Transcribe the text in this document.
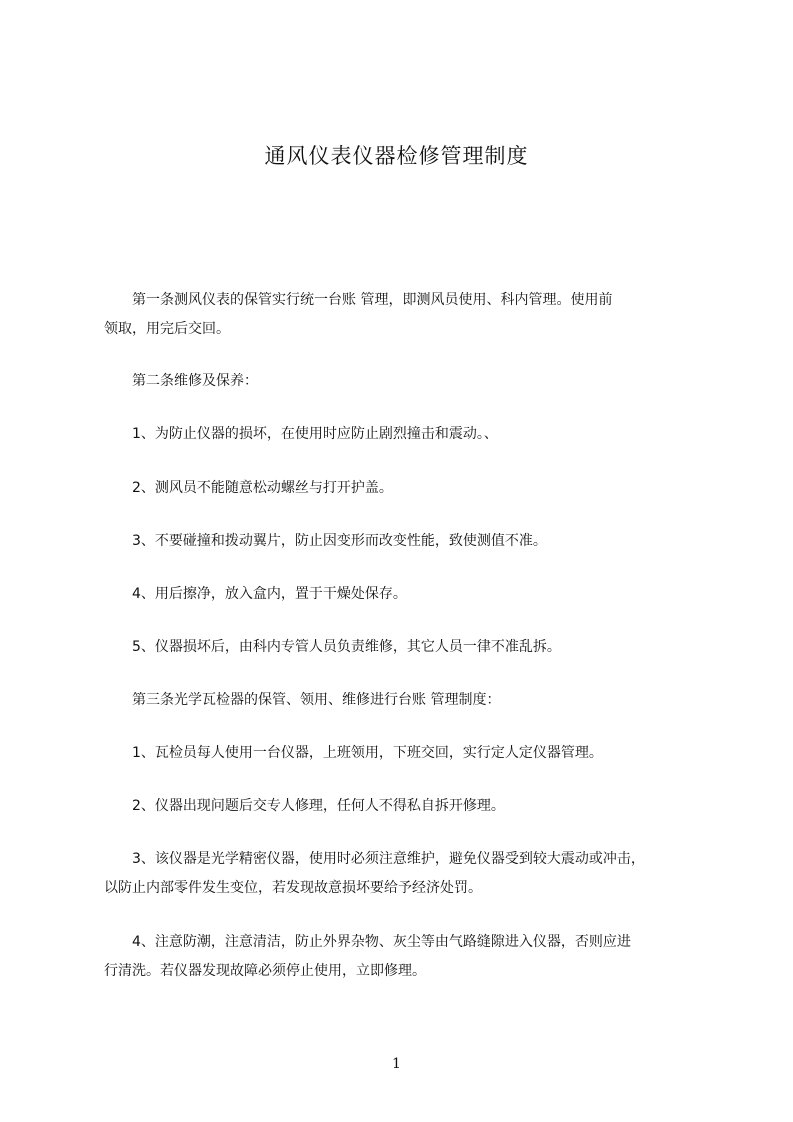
通风仪表仪器检修管理制度
　　第一条测风仪表的保管实行统一台账 管理，即测风员使用、科内管理。使用前
领取，用完后交回。
　　第二条维修及保养：
　　1、为防止仪器的损坏，在使用时应防止剧烈撞击和震动。、
　　2、测风员不能随意松动螺丝与打开护盖。
　　3、不要碰撞和拨动翼片，防止因变形而改变性能，致使测值不准。
　　4、用后擦净，放入盒内，置于干燥处保存。
　　5、仪器损坏后，由科内专管人员负责维修，其它人员一律不准乱拆。
　　第三条光学瓦检器的保管、领用、维修进行台账 管理制度：
　　1、瓦检员每人使用一台仪器，上班领用，下班交回，实行定人定仪器管理。
　　2、仪器出现问题后交专人修理，任何人不得私自拆开修理。
　　3、该仪器是光学精密仪器，使用时必须注意维护，避免仪器受到较大震动或冲击，
以防止内部零件发生变位，若发现故意损坏要给予经济处罚。
　　4、注意防潮，注意清洁，防止外界杂物、灰尘等由气路缝隙进入仪器，否则应进
行清洗。若仪器发现故障必须停止使用，立即修理。
1
